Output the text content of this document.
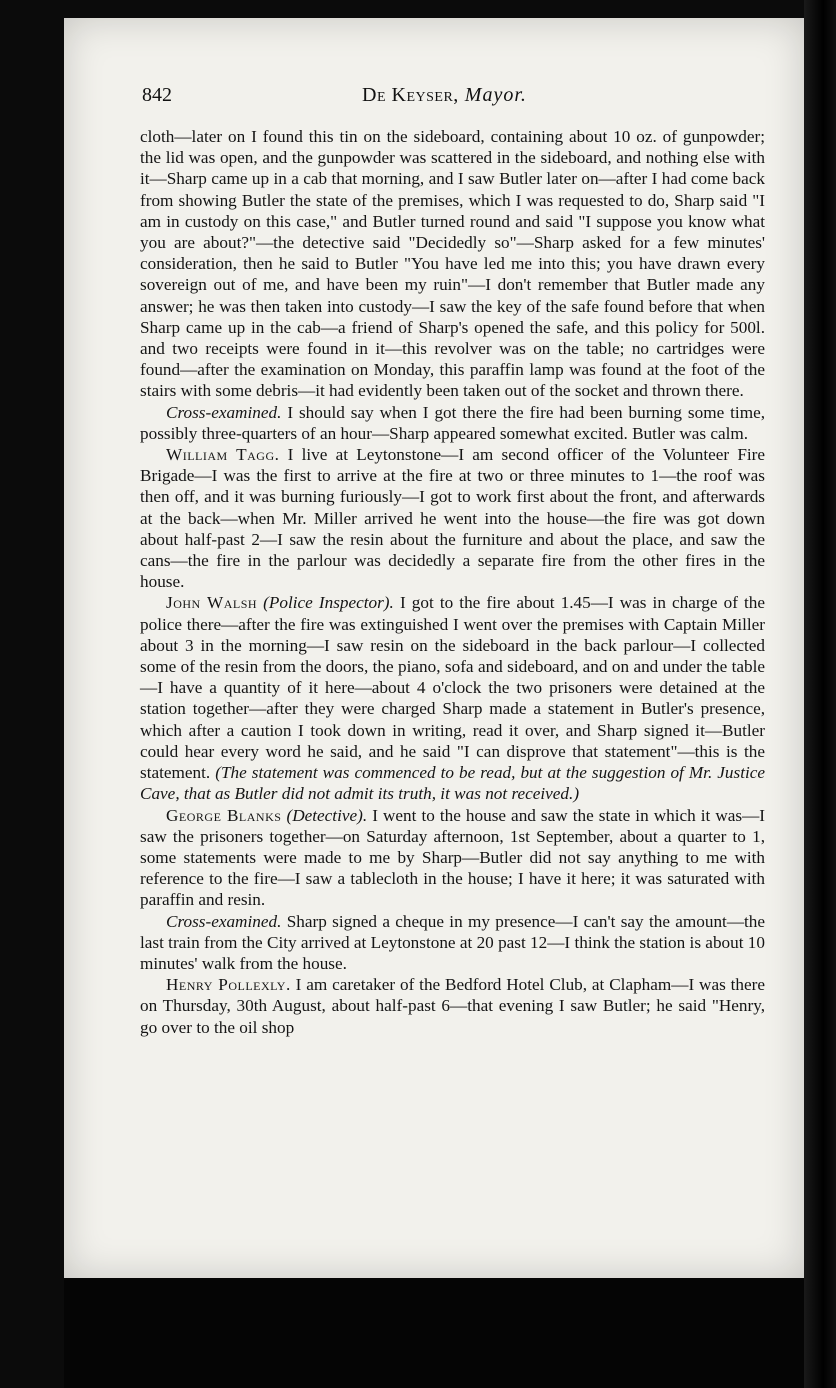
842	De Keyser, Mayor.

cloth—later on I found this tin on the sideboard, containing about 10 oz. of gunpowder; the lid was open, and the gunpowder was scattered in the sideboard, and nothing else with it—Sharp came up in a cab that morning, and I saw Butler later on—after I had come back from showing Butler the state of the premises, which I was requested to do, Sharp said "I am in custody on this case," and Butler turned round and said "I suppose you know what you are about?"—the detective said "Decidedly so"—Sharp asked for a few minutes' consideration, then he said to Butler "You have led me into this; you have drawn every sovereign out of me, and have been my ruin"—I don't remember that Butler made any answer; he was then taken into custody—I saw the key of the safe found before that when Sharp came up in the cab—a friend of Sharp's opened the safe, and this policy for 500l. and two receipts were found in it—this revolver was on the table; no cartridges were found—after the examination on Monday, this paraffin lamp was found at the foot of the stairs with some debris—it had evidently been taken out of the socket and thrown there.

Cross-examined. I should say when I got there the fire had been burning some time, possibly three-quarters of an hour—Sharp appeared somewhat excited. Butler was calm.

William Tagg. I live at Leytonstone—I am second officer of the Volunteer Fire Brigade—I was the first to arrive at the fire at two or three minutes to 1—the roof was then off, and it was burning furiously—I got to work first about the front, and afterwards at the back—when Mr. Miller arrived he went into the house—the fire was got down about half-past 2—I saw the resin about the furniture and about the place, and saw the cans—the fire in the parlour was decidedly a separate fire from the other fires in the house.

John Walsh (Police Inspector). I got to the fire about 1.45—I was in charge of the police there—after the fire was extinguished I went over the premises with Captain Miller about 3 in the morning—I saw resin on the sideboard in the back parlour—I collected some of the resin from the doors, the piano, sofa and sideboard, and on and under the table—I have a quantity of it here—about 4 o'clock the two prisoners were detained at the station together—after they were charged Sharp made a statement in Butler's presence, which after a caution I took down in writing, read it over, and Sharp signed it—Butler could hear every word he said, and he said "I can disprove that statement"—this is the statement. (The statement was commenced to be read, but at the suggestion of Mr. Justice Cave, that as Butler did not admit its truth, it was not received.)

George Blanks (Detective). I went to the house and saw the state in which it was—I saw the prisoners together—on Saturday afternoon, 1st September, about a quarter to 1, some statements were made to me by Sharp—Butler did not say anything to me with reference to the fire—I saw a tablecloth in the house; I have it here; it was saturated with paraffin and resin.

Cross-examined. Sharp signed a cheque in my presence—I can't say the amount—the last train from the City arrived at Leytonstone at 20 past 12—I think the station is about 10 minutes' walk from the house.

Henry Pollexly. I am caretaker of the Bedford Hotel Club, at Clapham—I was there on Thursday, 30th August, about half-past 6—that evening I saw Butler; he said "Henry, go over to the oil shop
